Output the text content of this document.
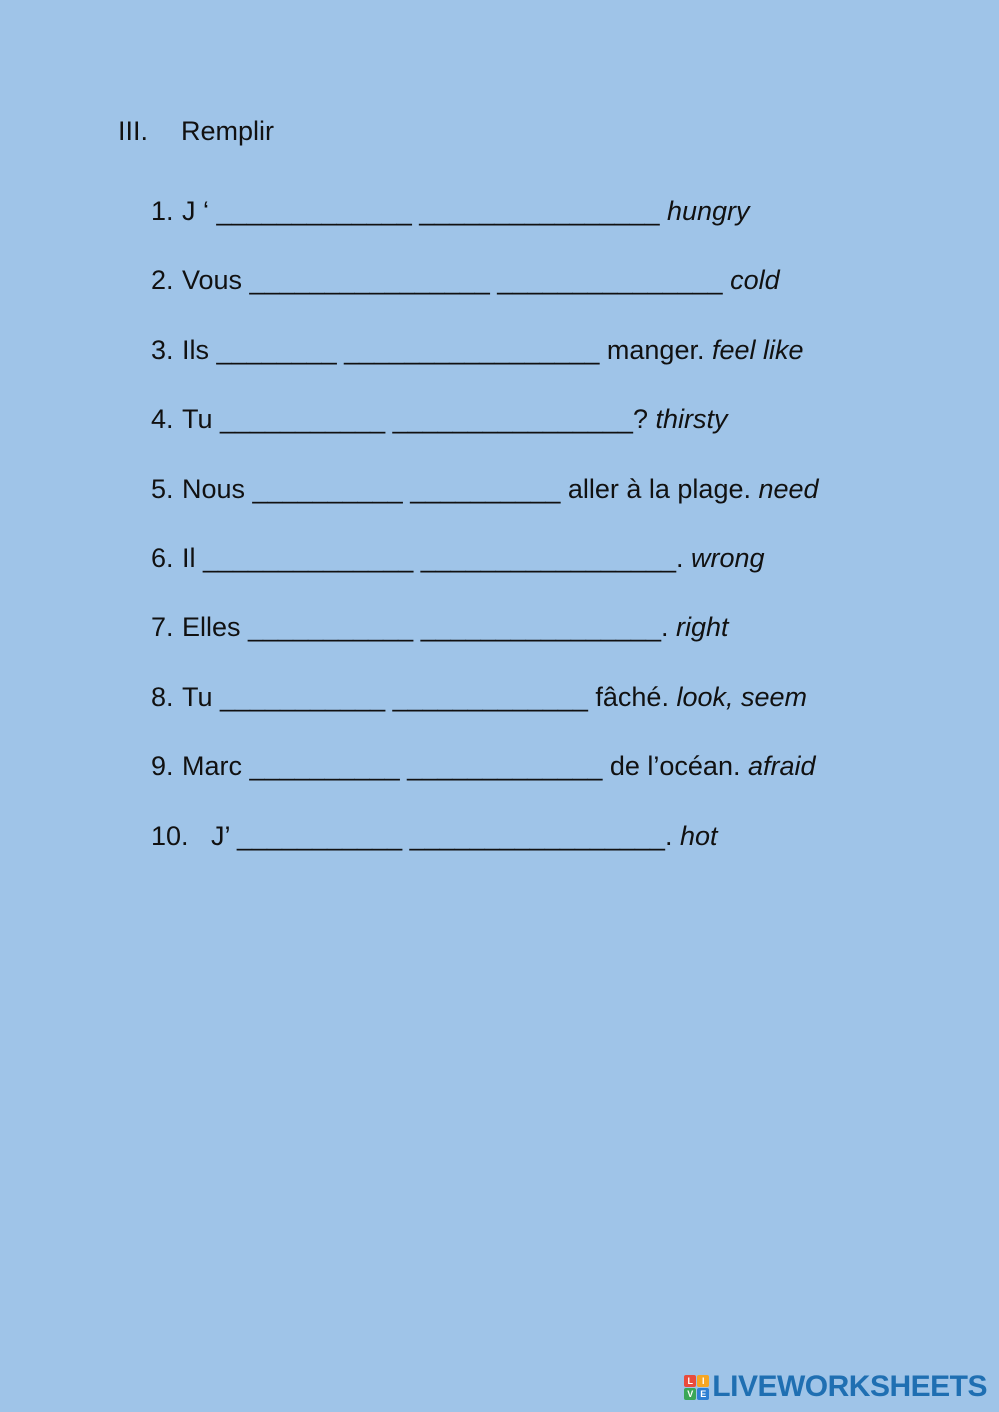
III. Remplir
1. J ‘ _____________ ________________ hungry
2. Vous ________________ _______________ cold
3. Ils ________ _________________ manger. feel like
4. Tu ___________ ________________? thirsty
5. Nous __________ __________ aller à la plage. need
6. Il ______________ _________________. wrong
7. Elles ___________ ________________. right
8. Tu ___________ _____________ fâché. look, seem
9. Marc __________ _____________ de l’océan. afraid
10. J’ ___________ _________________. hot
L I
V E LIVEWORKSHEETS
